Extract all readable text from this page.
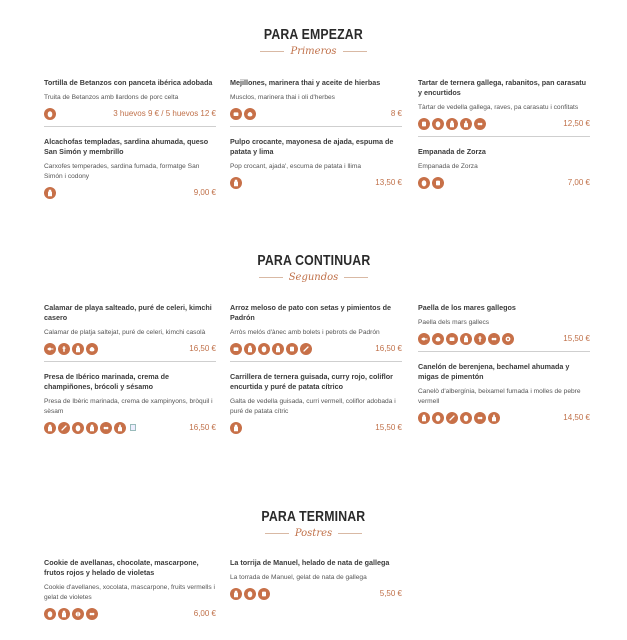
PARA EMPEZAR
Primeros
PARA CONTINUAR
Segundos
PARA TERMINAR
Postres
Tortilla de Betanzos con panceta ibérica adobada
Truita de Betanzos amb llardons de porc celta
3 huevos 9 € / 5 huevos 12 €
Alcachofas templadas, sardina ahumada, queso San Simón y membrillo
Carxofes temperades, sardina fumada, formatge San Simón i codony
9,00 €
Mejillones, marinera thai y aceite de hierbas
Musclos, marinera thai i oli d'herbes
8 €
Pulpo crocante, mayonesa de ajada, espuma de patata y lima
Pop crocant, ajada', escuma de patata i llima
13,50 €
Tartar de ternera gallega, rabanitos, pan carasatu y encurtidos
Tàrtar de vedella gallega, raves, pa carasatu i confitats
12,50 €
Empanada de Zorza
Empanada de Zorza
7,00 €
Calamar de playa salteado, puré de celeri, kimchi casero
Calamar de platja saltejat, puré de celeri, kimchi casolà
16,50 €
Presa de Ibérico marinada, crema de champiñones, brócoli y sésamo
Presa de Ibèric marinada, crema de xampinyons, bròquil i sèsam
16,50 €
Arroz meloso de pato con setas y pimientos de Padrón
Arròs melós d'ànec amb bolets i pebrots de Padrón
16,50 €
Carrillera de ternera guisada, curry rojo, coliflor encurtida y puré de patata cítrico
Galta de vedella guisada, curri vermell, coliflor adobada i puré de patata cítric
15,50 €
Paella de los mares gallegos
Paella dels mars gallecs
15,50 €
Canelón de berenjena, bechamel ahumada y migas de pimentón
Canelò d'albergínia, beixamel fumada i molles de pebre vermell
14,50 €
Cookie de avellanas, chocolate, mascarpone, frutos rojos y helado de violetas
Cookie d'avellanes, xocolata, mascarpone, fruits vermells i gelat de violetes
6,00 €
La torrija de Manuel, helado de nata de gallega
La torrada de Manuel, gelat de nata de gallega
5,50 €
